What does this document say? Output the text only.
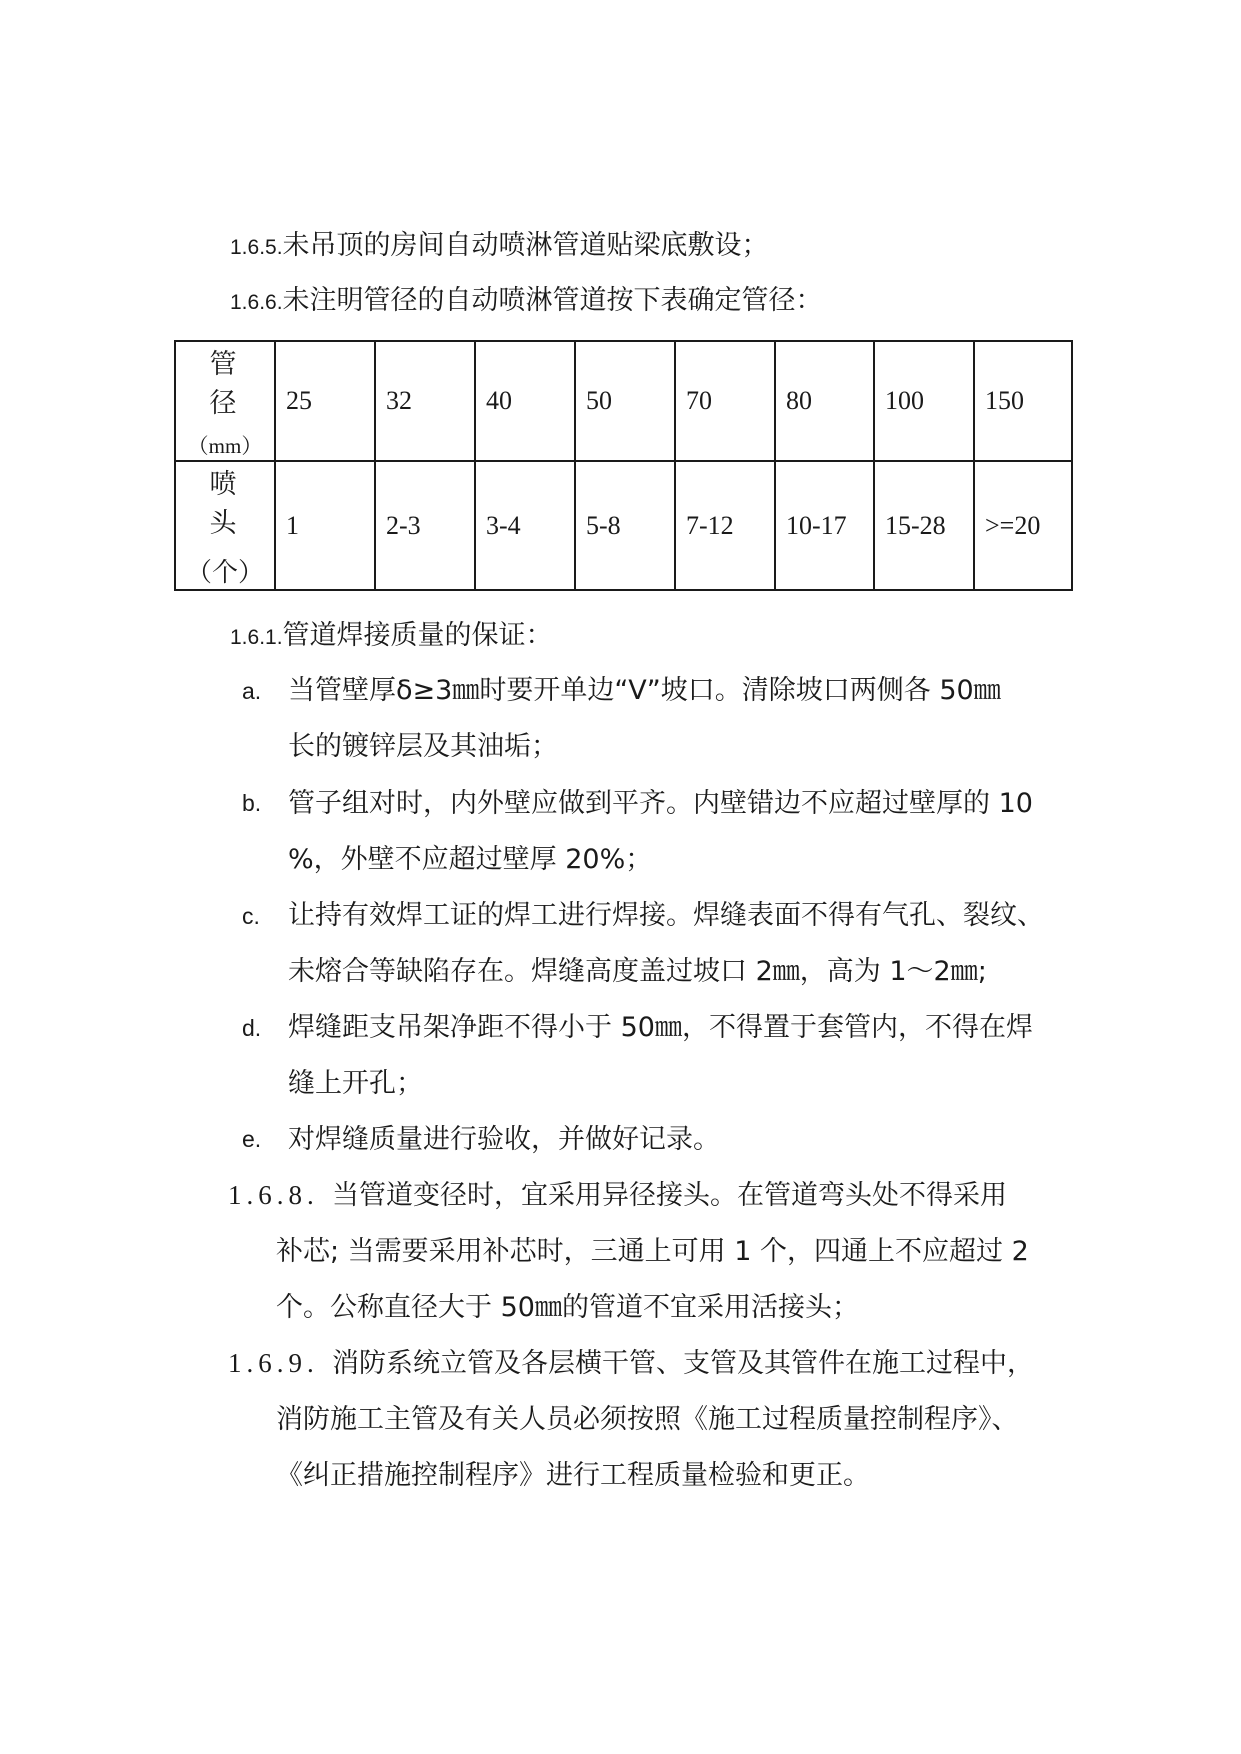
1.6.5.未吊顶的房间自动喷淋管道贴梁底敷设；
1.6.6.未注明管径的自动喷淋管道按下表确定管径：
管 径
（mm）	25	32	40	50	70	80	100	150

喷 头
（个）	1	2-3	3-4	5-8	7-12	10-17	15-28	>=20
1.6.1.管道焊接质量的保证：
a. 当管壁厚δ≥3㎜时要开单边“V”坡口。清除坡口两侧各 50㎜
长的镀锌层及其油垢；
b. 管子组对时，内外壁应做到平齐。内壁错边不应超过壁厚的 10
%，外壁不应超过壁厚 20%；
c. 让持有效焊工证的焊工进行焊接。焊缝表面不得有气孔、裂纹、
未熔合等缺陷存在。焊缝高度盖过坡口 2㎜，高为 1～2㎜;
d. 焊缝距支吊架净距不得小于 50㎜，不得置于套管内，不得在焊
缝上开孔；
e. 对焊缝质量进行验收，并做好记录。
1.6.8. 当管道变径时，宜采用异径接头。在管道弯头处不得采用
补芯; 当需要采用补芯时，三通上可用 1 个，四通上不应超过 2
个。公称直径大于 50㎜的管道不宜采用活接头；
1.6.9. 消防系统立管及各层横干管、支管及其管件在施工过程中，
消防施工主管及有关人员必须按照《施工过程质量控制程序》、
《纠正措施控制程序》进行工程质量检验和更正。
